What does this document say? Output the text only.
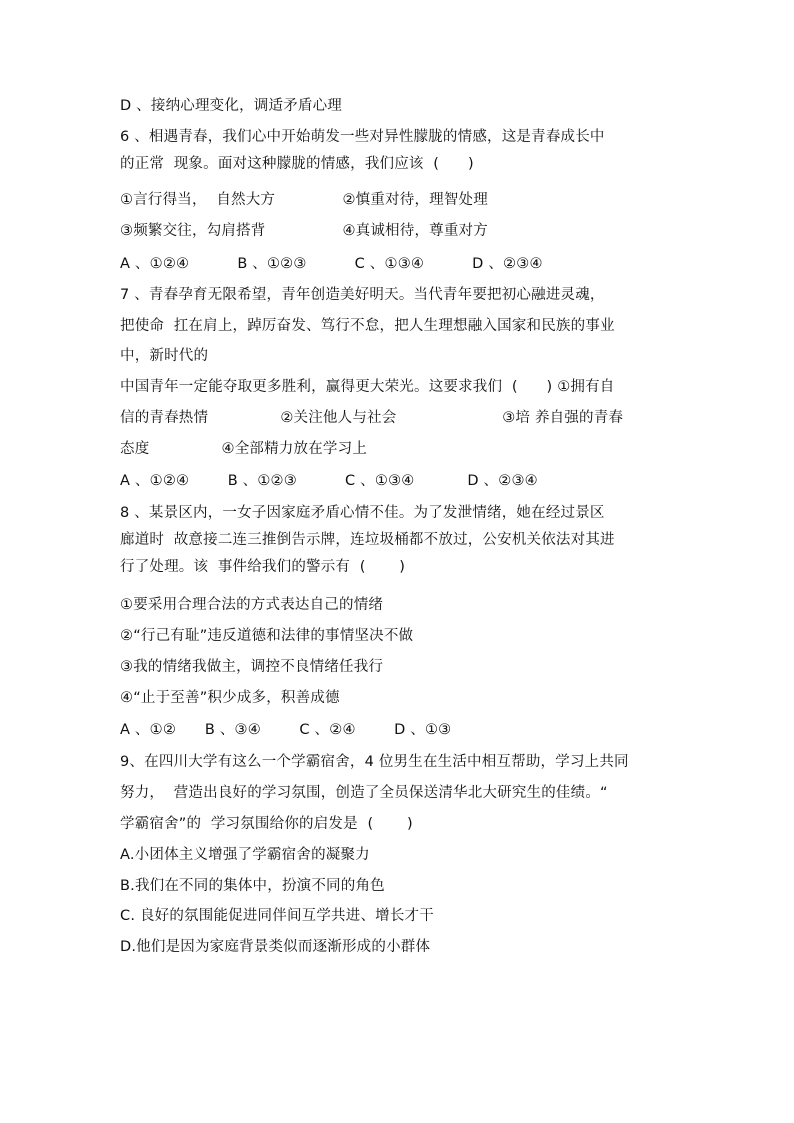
D 、接纳心理变化，调适矛盾心理
6 、相遇青春，我们心中开始萌发一些对异性朦胧的情感，这是青春成长中
的正常  现象。面对这种朦胧的情感，我们应该  (      )
①言行得当，  自然大方              ②慎重对待，理智处理
③频繁交往，勾肩搭背                ④真诚相待，尊重对方
A 、①②④          B 、①②③          C 、①③④          D 、②③④
7 、青春孕育无限希望，青年创造美好明天。当代青年要把初心融进灵魂，
把使命  扛在肩上，踔厉奋发、笃行不怠，把人生理想融入国家和民族的事业
中，新时代的
中国青年一定能夺取更多胜利，赢得更大荣光。这要求我们  (      ) ①拥有自
信的青春热情               ②关注他人与社会                      ③培 养自强的青春
态度               ④全部精力放在学习上
A 、①②④        B 、①②③          C 、①③④           D 、②③④
8 、某景区内，一女子因家庭矛盾心情不佳。为了发泄情绪，她在经过景区
廊道时  故意接二连三推倒告示牌，连垃圾桶都不放过，公安机关依法对其进
行了处理。该  事件给我们的警示有  (       )
①要采用合理合法的方式表达自己的情绪
②“行己有耻”违反道德和法律的事情坚决不做
③我的情绪我做主，调控不良情绪任我行
④“止于至善”积少成多，积善成德
A 、①②      B 、③④        C 、②④        D 、①③
9、在四川大学有这么一个学霸宿舍，4 位男生在生活中相互帮助，学习上共同
努力，  营造出良好的学习氛围，创造了全员保送清华北大研究生的佳绩。“
学霸宿舍”的  学习氛围给你的启发是  (       )
A.小团体主义增强了学霸宿舍的凝聚力
B.我们在不同的集体中，扮演不同的角色
C. 良好的氛围能促进同伴间互学共进、增长才干
D.他们是因为家庭背景类似而逐渐形成的小群体
